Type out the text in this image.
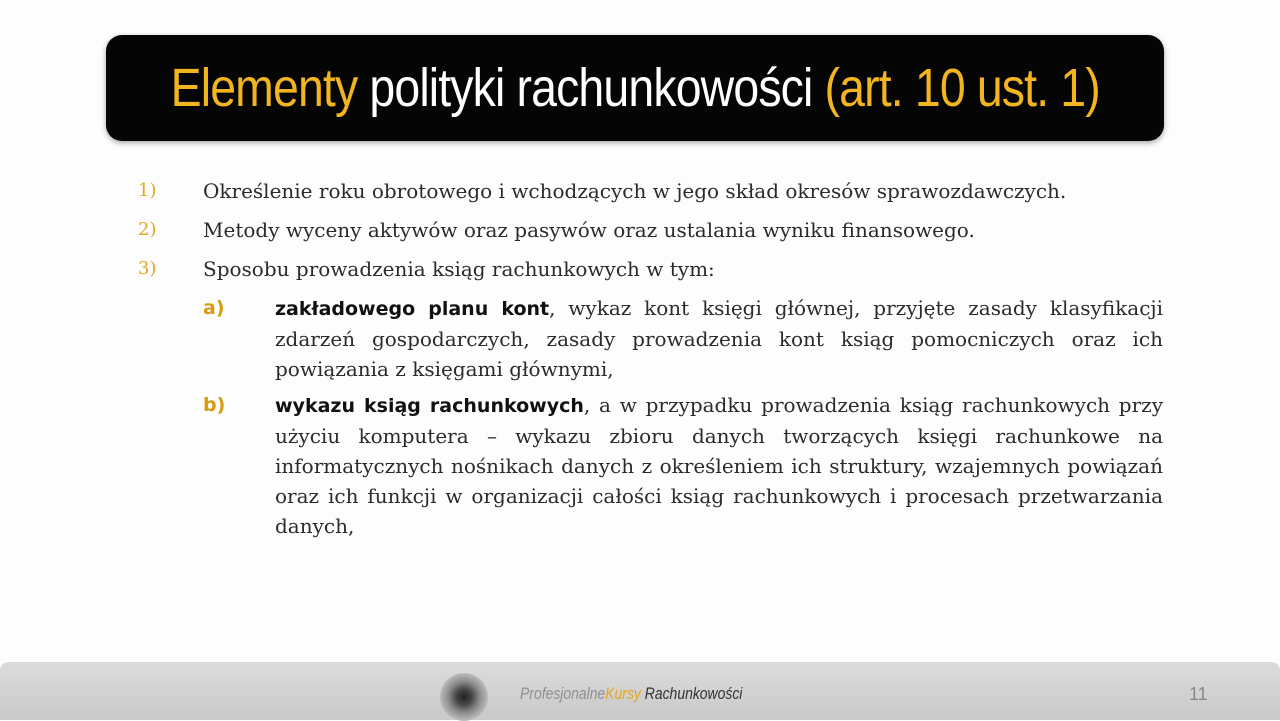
Elementy polityki rachunkowości (art. 10 ust. 1)
1) Określenie roku obrotowego i wchodzących w jego skład okresów sprawozdawczych.
2) Metody wyceny aktywów oraz pasywów oraz ustalania wyniku finansowego.
3) Sposobu prowadzenia ksiąg rachunkowych w tym:
a)	zakładowego planu kont, wykaz kont księgi głównej, przyjęte zasady klasyfikacji zdarzeń gospodarczych, zasady prowadzenia kont ksiąg pomocniczych oraz ich powiązania z księgami głównymi,
b)	wykazu ksiąg rachunkowych, a w przypadku prowadzenia ksiąg rachunkowych przy użyciu komputera – wykazu zbioru danych tworzących księgi rachunkowe na informatycznych nośnikach danych z określeniem ich struktury, wzajemnych powiązań oraz ich funkcji w organizacji całości ksiąg rachunkowych i procesach przetwarzania danych,
ProfesjonalneKursy Rachunkowości	11
